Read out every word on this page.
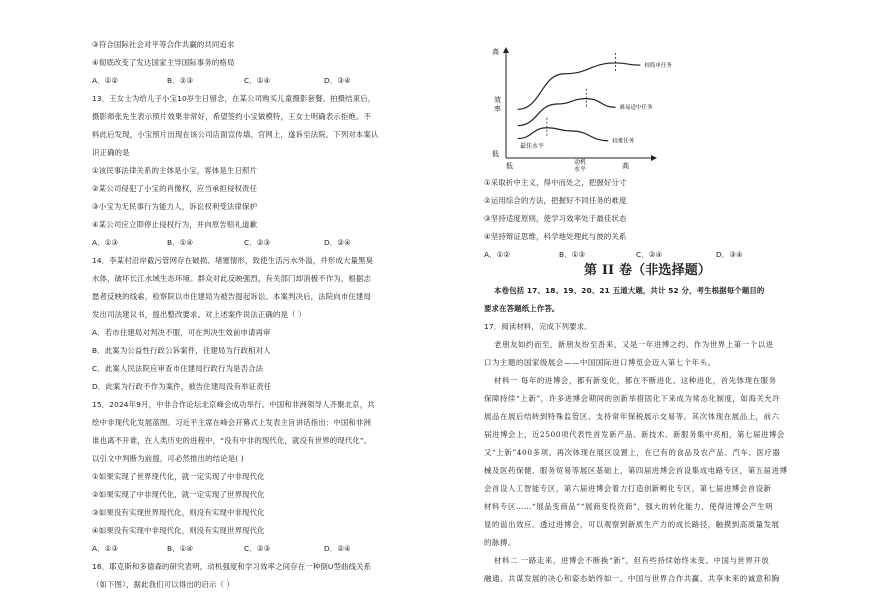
③符合国际社会对平等合作共赢的共同追求
④彻底改变了发达国家主导国际事务的格局
A．①②	B．②③	C．①④	D．③④
13．王女士为给儿子小宝10岁生日留念，在某公司购买儿童摄影套餐。拍摄结束后，
摄影师张先生表示照片效果非常好，希望签约小宝做模特，王女士明确表示拒绝。不
料此后发现，小宝照片出现在该公司店面宣传墙、官网上，遂诉至法院。下列对本案认
识正确的是
①该民事法律关系的主体是小宝，客体是生日照片
②某公司侵犯了小宝的肖像权，应当承担侵权责任
③小宝为无民事行为能力人，诉讼权利受法律保护
④某公司应立即停止侵权行为，并向原告赔礼道歉
A．①③	B．①④	C．②③	D．②④
14．李某村沿岸截污管网存在破损、堵塞情形，致使生活污水外溢，并形成大量黑臭
水体，破坏长江水域生态环境。群众对此反映强烈，有关部门却消极不作为，根据志
愿者反映的线索，检察院以市住建局为被告提起诉讼。本案判决后，法院向市住建局
发出司法建议书，提出整改要求。对上述案件说法正确的是（ ）
A．若市住建局对判决不服，可在判决生效前申请再审
B．此案为公益性行政公诉案件，住建局为行政相对人
C．此案人民法院应审查市住建局行政行为是否合法
D．此案为行政不作为案件，被告住建局没有举证责任
15．2024年9月，中非合作论坛北京峰会成功举行。中国和非洲领导人齐聚北京，共
绘中非现代化发展蓝图。习近平主席在峰会开幕式上发表主旨讲话指出：中国和非洲
谁也离不开谁，在人类历史的进程中，“没有中非的现代化，就没有世界的现代化”。
以引文中判断为前提，可必然推出的结论是( )
①如果实现了世界现代化，就一定实现了中非现代化
②如果实现了中非现代化，就一定实现了世界现代化
③如果没有实现世界现代化，则没有实现中非现代化
④如果没有实现中非现代化，则没有实现世界现代化
A．①③	B．①④	C．②③	D．②④
16．耶克斯和多德森的研究表明，动机强度和学习效率之间存在一种倒U型曲线关系
（如下图），据此我们可以得出的启示（ ）
高
效率
低
低	动机水平	高
较简单任务
难易适中任务
较难任务
最佳水平
①采取折中主义，得中而处之，把握好分寸
②运用综合的方法，把握好不同任务的难度
③坚持适度原则，使学习效率处于最佳状态
④坚持辩证思维，科学地处理此与彼的关系
A．①②	B．①③	C．②④	D．③④
第 II 卷（非选择题）
本卷包括 17、18、19、20、21 五道大题，共计 52 分，考生根据每个题目的
要求在答题纸上作答。
17．阅读材料，完成下列要求。
老朋友如约而至，新朋友纷至沓来，又是一年进博之约。作为世界上第一个以进
口为主题的国家级展会——中国国际进口博览会迈入第七个年头。
材料一 每年的进博会，都有新变化，都在不断进化。这种进化，首先体现在服务
保障持续“上新”，许多进博会期间的创新举措固化下来成为常态化制度，如海关允许
展品在展后结转到特殊监管区、支持常年保税展示交易等。其次体现在展品上，前六
届进博会上，近2500项代表性首发新产品、新技术、新服务集中亮相，第七届进博会
又“上新”400多项。再次体现在展区设置上，在已有的食品及农产品、汽车、医疗器
械及医药保健、服务贸易等展区基础上，第四届进博会首设集成电路专区，第五届进博
会首设人工智能专区，第六届进博会着力打造创新孵化专区，第七届进博会首设新
材料专区……“展品变商品”“展商变投资商”，强大的转化能力，使得进博会产生明
显的溢出效应。透过进博会，可以观察到新质生产力的成长路径，触摸到高质量发展
的脉搏。
材料二 一路走来，进博会不断换“新”，但有些持续始终未变。中国与世界开放
融通、共谋发展的决心和姿态始终如一。中国与世界合作共赢、共享未来的诚意和胸
